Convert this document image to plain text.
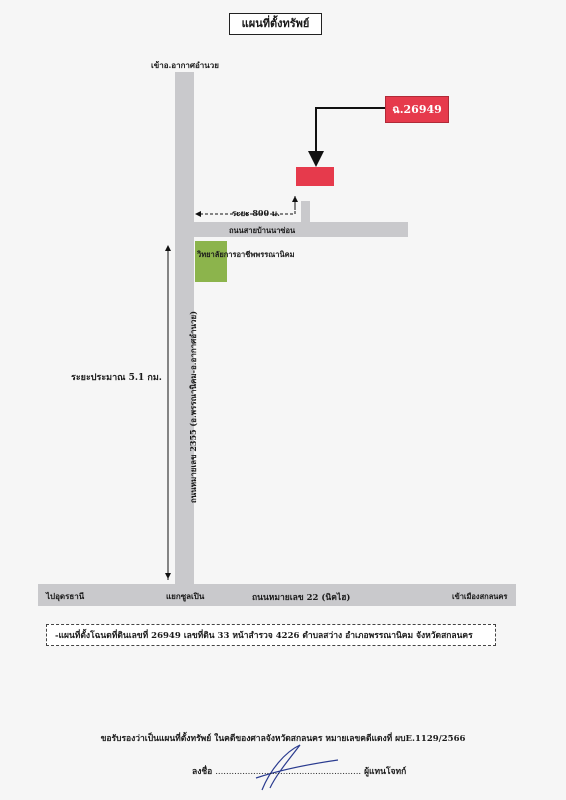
แผนที่ตั้งทรัพย์
ฉ.26949
เข้าอ.อากาศอำนวย
ระยะ 800 ม.
ถนนสายบ้านนาซ่อน
วิทยาลัยการอาชีพพรรณานิคม
ระยะประมาณ 5.1 กม.	ถนนหมายเลข 2355 (อ.พรรณานิคม-อ.อากาศอำนวย)
แยกซูลเปิน	ถนนหมายเลข 22 (นิคไฮ)
ไปอุดรธานี	เข้าเมืองสกลนคร
-แผนที่ตั้งโฉนดที่ดินเลขที่ 26949 เลขที่ดิน 33 หน้าสำรวจ 4226 ตำบลสว่าง อำเภอพรรณานิคม จังหวัดสกลนคร
ขอรับรองว่าเป็นแผนที่ตั้งทรัพย์ ในคดีของศาลจังหวัดสกลนคร หมายเลขคดีแดงที่ ผบE.1129/2566
ลงชื่อ ...................................................... ผู้แทนโจทก์
